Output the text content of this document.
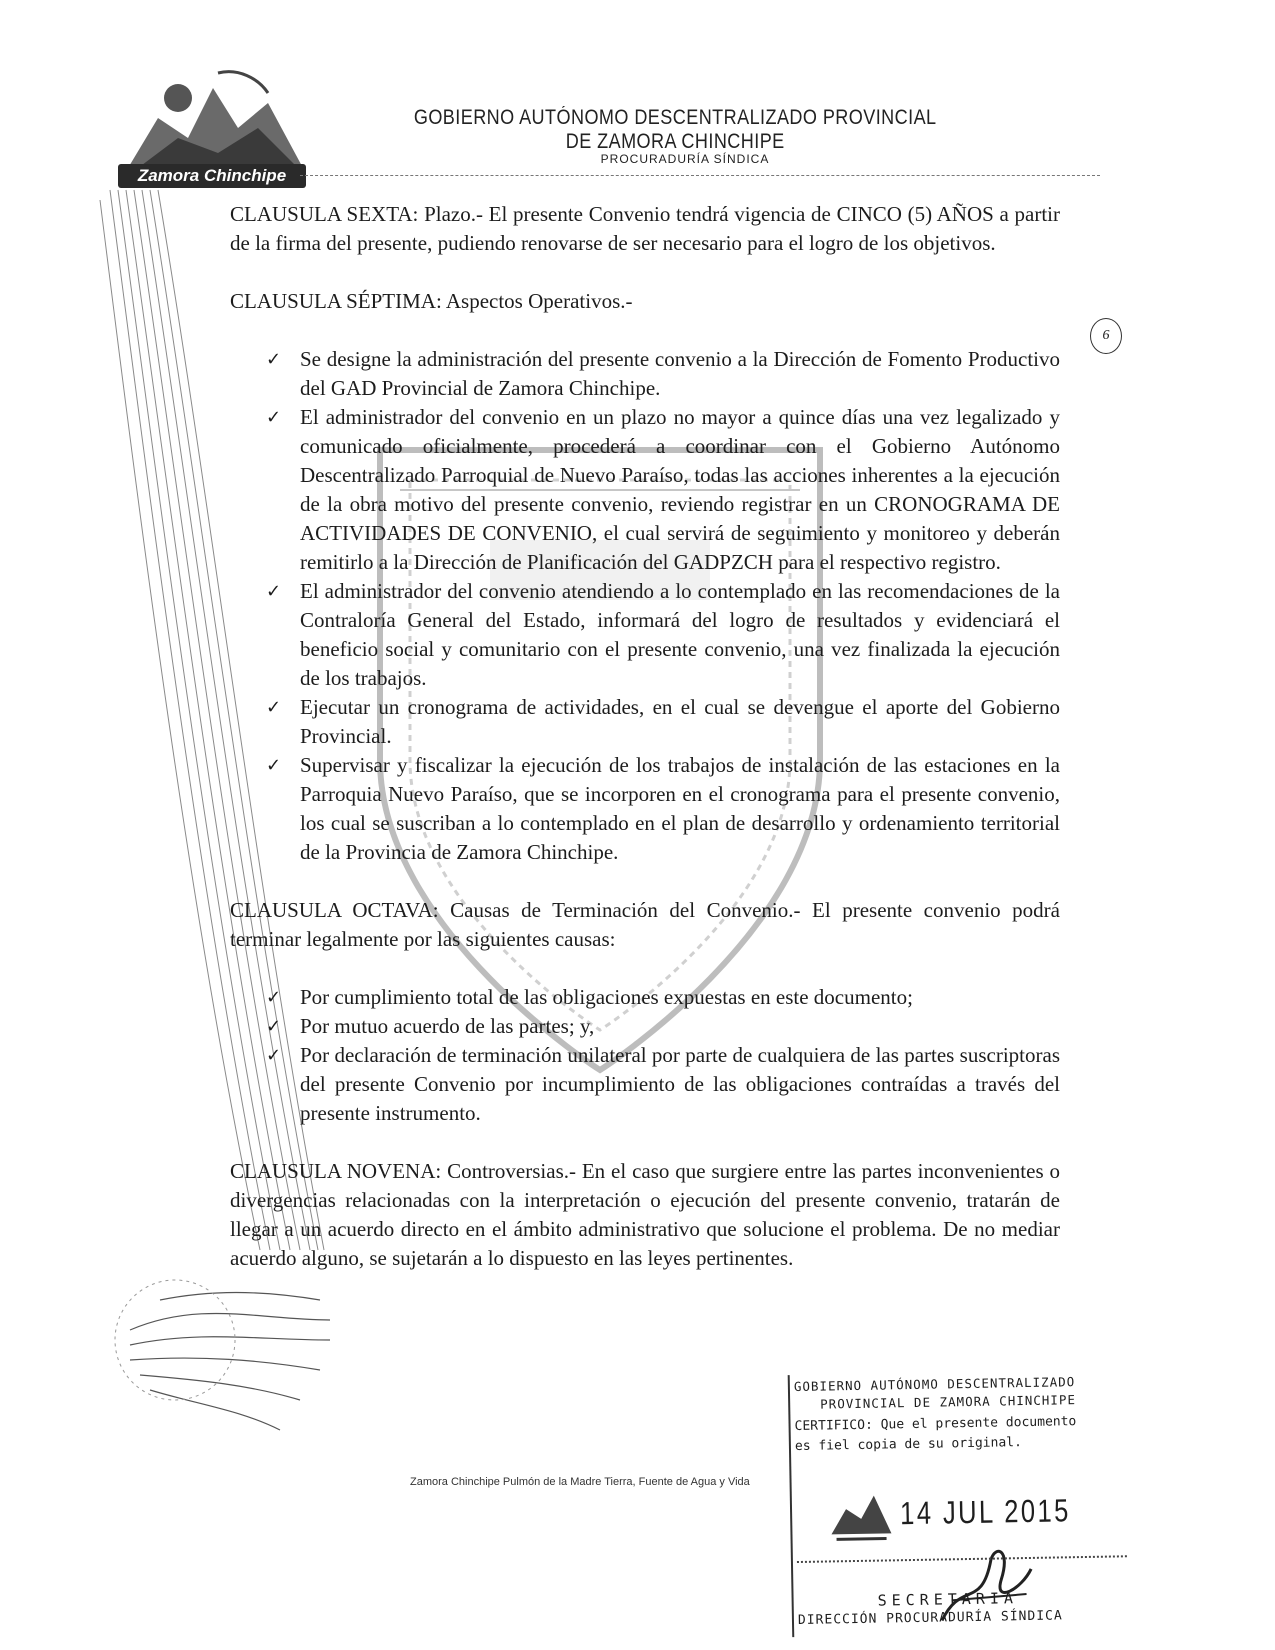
Zamora Chinchipe
GOBIERNO AUTÓNOMO DESCENTRALIZADO PROVINCIAL DE ZAMORA CHINCHIPE
PROCURADURÍA SÍNDICA
6

CLAUSULA SEXTA: Plazo.- El presente Convenio tendrá vigencia de CINCO (5) AÑOS a partir de la firma del presente, pudiendo renovarse de ser necesario para el logro de los objetivos.

CLAUSULA SÉPTIMA: Aspectos Operativos.-

✓ Se designe la administración del presente convenio a la Dirección de Fomento Productivo del GAD Provincial de Zamora Chinchipe.
✓ El administrador del convenio en un plazo no mayor a quince días una vez legalizado y comunicado oficialmente, procederá a coordinar con el Gobierno Autónomo Descentralizado Parroquial de Nuevo Paraíso, todas las acciones inherentes a la ejecución de la obra motivo del presente convenio, reviendo registrar en un CRONOGRAMA DE ACTIVIDADES DE CONVENIO, el cual servirá de seguimiento y monitoreo y deberán remitirlo a la Dirección de Planificación del GADPZCH para el respectivo registro.
✓ El administrador del convenio atendiendo a lo contemplado en las recomendaciones de la Contraloría General del Estado, informará del logro de resultados y evidenciará el beneficio social y comunitario con el presente convenio, una vez finalizada la ejecución de los trabajos.
✓ Ejecutar un cronograma de actividades, en el cual se devengue el aporte del Gobierno Provincial.
✓ Supervisar y fiscalizar la ejecución de los trabajos de instalación de las estaciones en la Parroquia Nuevo Paraíso, que se incorporen en el cronograma para el presente convenio, los cual se suscriban a lo contemplado en el plan de desarrollo y ordenamiento territorial de la Provincia de Zamora Chinchipe.

CLAUSULA OCTAVA: Causas de Terminación del Convenio.- El presente convenio podrá terminar legalmente por las siguientes causas:

✓ Por cumplimiento total de las obligaciones expuestas en este documento;
✓ Por mutuo acuerdo de las partes; y,
✓ Por declaración de terminación unilateral por parte de cualquiera de las partes suscriptoras del presente Convenio por incumplimiento de las obligaciones contraídas a través del presente instrumento.

CLAUSULA NOVENA: Controversias.- En el caso que surgiere entre las partes inconvenientes o divergencias relacionadas con la interpretación o ejecución del presente convenio, tratarán de llegar a un acuerdo directo en el ámbito administrativo que solucione el problema. De no mediar acuerdo alguno, se sujetarán a lo dispuesto en las leyes pertinentes.

Zamora Chinchipe Pulmón de la Madre Tierra, Fuente de Agua y Vida
GOBIERNO AUTÓNOMO DESCENTRALIZADO
PROVINCIAL DE ZAMORA CHINCHIPE
CERTIFICO: Que el presente documento
es fiel copia de su original.
14 JUL 2015
SECRETARIA
DIRECCIÓN PROCURADURÍA SÍNDICA
